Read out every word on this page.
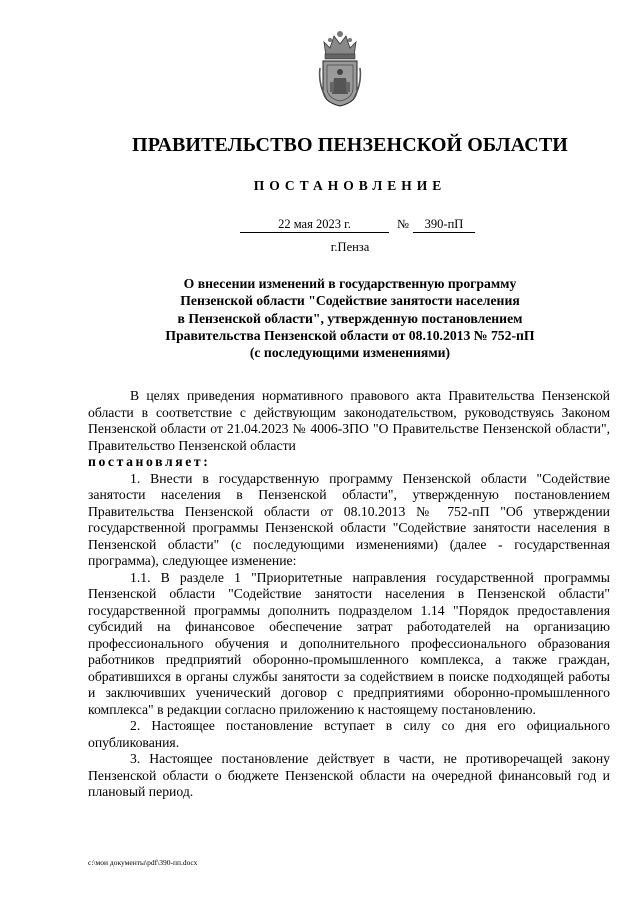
ПРАВИТЕЛЬСТВО ПЕНЗЕНСКОЙ ОБЛАСТИ
ПОСТАНОВЛЕНИЕ
22 мая 2023 г.	№	390-пП
г.Пенза
О внесении изменений в государственную программу
Пензенской области "Содействие занятости населения
в Пензенской области", утвержденную постановлением
Правительства Пензенской области от 08.10.2013 № 752-пП
(с последующими изменениями)

В целях приведения нормативного правового акта Правительства Пензенской области в соответствие с действующим законодательством, руководствуясь Законом Пензенской области от 21.04.2023 № 4006-ЗПО "О Правительстве Пензенской области", Правительство Пензенской области

постановляет:

1. Внести в государственную программу Пензенской области "Содействие занятости населения в Пензенской области", утвержденную постановлением Правительства Пензенской области от 08.10.2013 № 752-пП "Об утверждении государственной программы Пензенской области "Содействие занятости населения в Пензенской области" (с последующими изменениями) (далее - государственная программа), следующее изменение:

1.1. В разделе 1 "Приоритетные направления государственной программы Пензенской области "Содействие занятости населения в Пензенской области" государственной программы дополнить подразделом 1.14 "Порядок предоставления субсидий на финансовое обеспечение затрат работодателей на организацию профессионального обучения и дополнительного профессионального образования работников предприятий оборонно-промышленного комплекса, а также граждан, обратившихся в органы службы занятости за содействием в поиске подходящей работы и заключивших ученический договор с предприятиями оборонно-промышленного комплекса" в редакции согласно приложению к настоящему постановлению.

2. Настоящее постановление вступает в силу со дня его официального опубликования.

3. Настоящее постановление действует в части, не противоречащей закону Пензенской области о бюджете Пензенской области на очередной финансовый год и плановый период.

c:\мои документы\pdf\390-пп.docx
